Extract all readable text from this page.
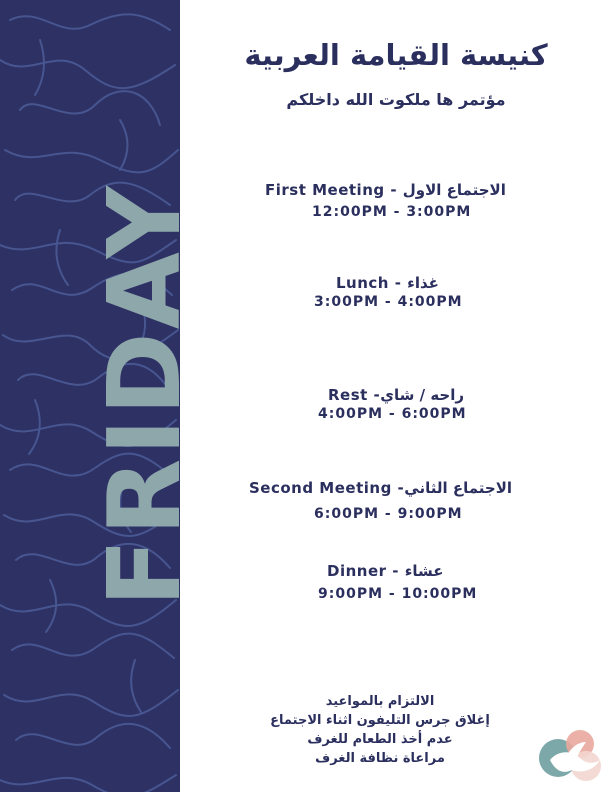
FRIDAY
كنيسة القيامة العربية
مؤتمر ها ملكوت الله داخلكم
First Meeting - الاجتماع الاول
12:00PM - 3:00PM
Lunch - غذاء
3:00PM - 4:00PM
Rest -راحه / شاي
4:00PM - 6:00PM
Second Meeting -الاجتماع الثاني
6:00PM - 9:00PM
Dinner - عشاء
9:00PM - 10:00PM
الالتزام بالمواعيد
إغلاق جرس التليفون اثناء الاجتماع
عدم أخذ الطعام للغرف
مراعاة نظافة الغرف
